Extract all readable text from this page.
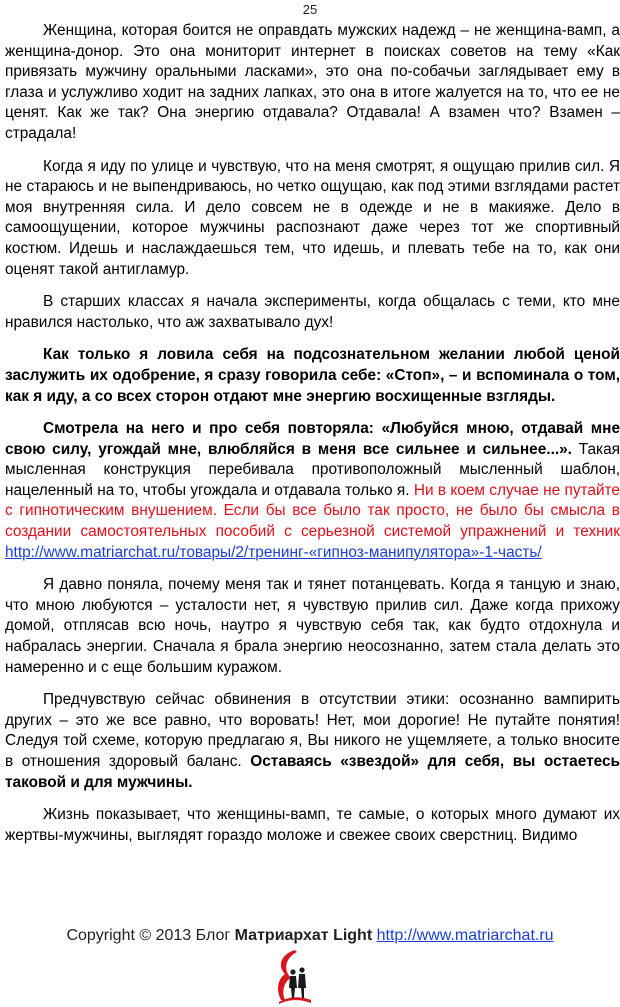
25

Женщина, которая боится не оправдать мужских надежд – не женщина-вамп, а женщина-донор. Это она мониторит интернет в поисках советов на тему «Как привязать мужчину оральными ласками», это она по-собачьи заглядывает ему в глаза и услужливо ходит на задних лапках, это она в итоге жалуется на то, что ее не ценят. Как же так? Она энергию отдавала? Отдавала! А взамен что? Взамен – страдала!

Когда я иду по улице и чувствую, что на меня смотрят, я ощущаю прилив сил. Я не стараюсь и не выпендриваюсь, но четко ощущаю, как под этими взглядами растет моя внутренняя сила. И дело совсем не в одежде и не в макияже. Дело в самоощущении, которое мужчины распознают даже через тот же спортивный костюм. Идешь и наслаждаешься тем, что идешь, и плевать тебе на то, как они оценят такой антигламур.

В старших классах я начала эксперименты, когда общалась с теми, кто мне нравился настолько, что аж захватывало дух!

Как только я ловила себя на подсознательном желании любой ценой заслужить их одобрение, я сразу говорила себе: «Стоп», – и вспоминала о том, как я иду, а со всех сторон отдают мне энергию восхищенные взгляды.

Смотрела на него и про себя повторяла: «Любуйся мною, отдавай мне свою силу, угождай мне, влюбляйся в меня все сильнее и сильнее...». Такая мысленная конструкция перебивала противоположный мысленный шаблон, нацеленный на то, чтобы угождала и отдавала только я. Ни в коем случае не путайте с гипнотическим внушением. Если бы все было так просто, не было бы смысла в создании самостоятельных пособий с серьезной системой упражнений и техник http://www.matriarchat.ru/товары/2/тренинг-«гипноз-манипулятора»-1-часть/

Я давно поняла, почему меня так и тянет потанцевать. Когда я танцую и знаю, что мною любуются – усталости нет, я чувствую прилив сил. Даже когда прихожу домой, отплясав всю ночь, наутро я чувствую себя так, как будто отдохнула и набралась энергии. Сначала я брала энергию неосознанно, затем стала делать это намеренно и с еще большим куражом.

Предчувствую сейчас обвинения в отсутствии этики: осознанно вампирить других – это же все равно, что воровать! Нет, мои дорогие! Не путайте понятия! Следуя той схеме, которую предлагаю я, Вы никого не ущемляете, а только вносите в отношения здоровый баланс. Оставаясь «звездой» для себя, вы остаетесь таковой и для мужчины.

Жизнь показывает, что женщины-вамп, те самые, о которых много думают их жертвы-мужчины, выглядят гораздо моложе и свежее своих сверстниц. Видимо

Copyright © 2013 Блог Матриархат Light http://www.matriarchat.ru
